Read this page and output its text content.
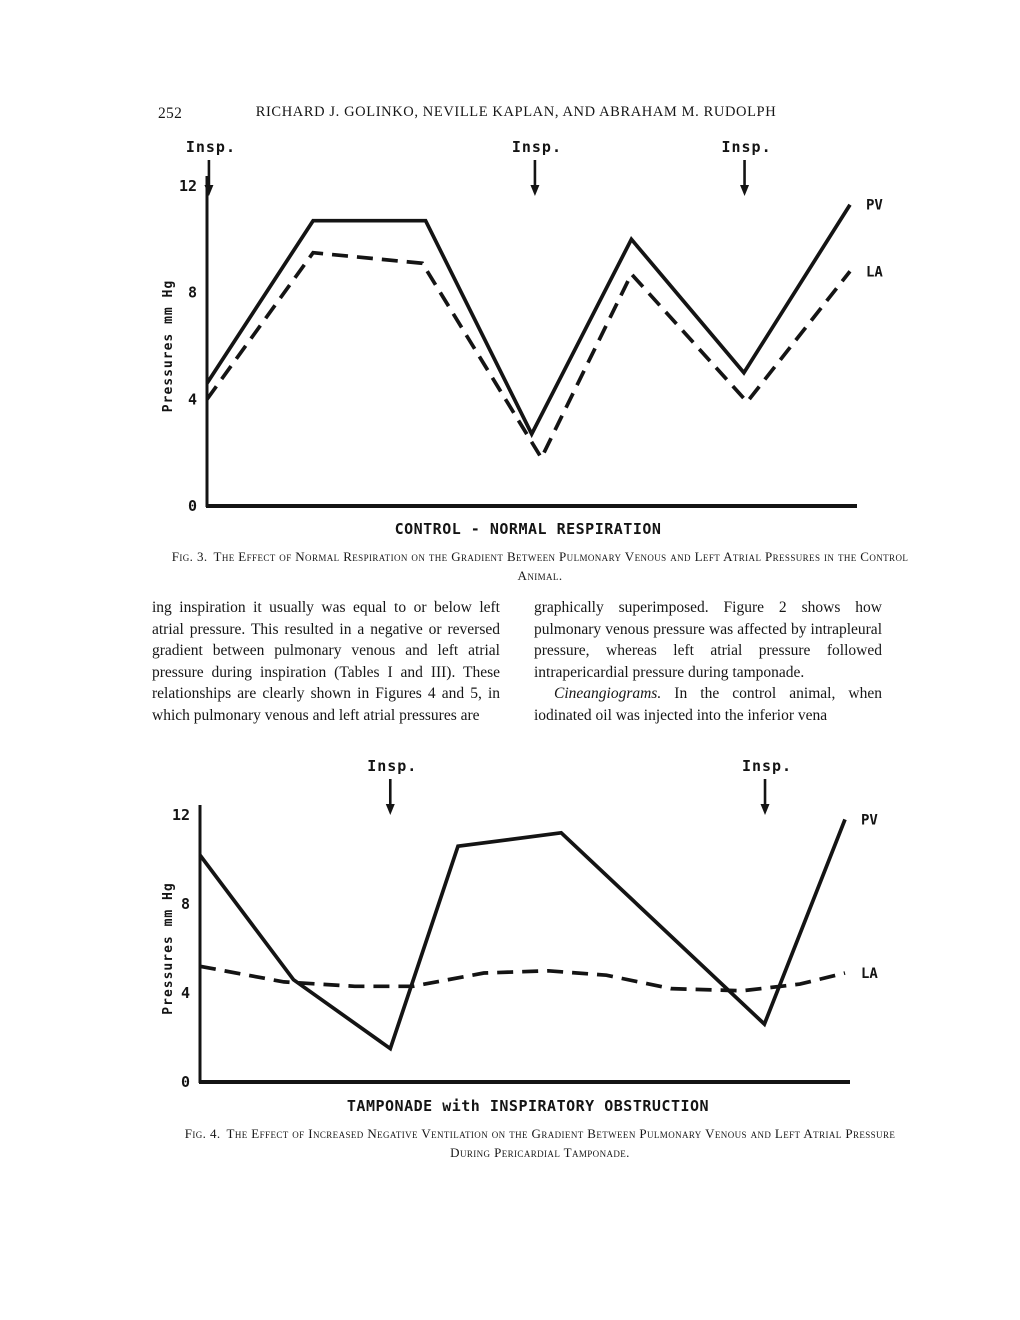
252	RICHARD J. GOLINKO, NEVILLE KAPLAN, AND ABRAHAM M. RUDOLPH
0
4
8
12
Pressures mm Hg
Insp.	Insp.	Insp.
PV
LA
CONTROL - NORMAL RESPIRATION
Fig. 3. The Effect of Normal Respiration on the Gradient Between Pulmonary Venous and Left Atrial Pressures in the Control Animal.

ing inspiration it usually was equal to or below left atrial pressure. This resulted in a negative or reversed gradient between pulmonary venous and left atrial pressure during inspiration (Tables I and III). These relationships are clearly shown in Figures 4 and 5, in which pulmonary venous and left atrial pressures are

graphically superimposed. Figure 2 shows how pulmonary venous pressure was affected by intrapleural pressure, whereas left atrial pressure followed intrapericardial pressure during tamponade.

Cineangiograms. In the control animal, when iodinated oil was injected into the inferior vena

0
4
8
12
Pressures mm Hg
Insp.	Insp.
PV
LA
TAMPONADE with INSPIRATORY OBSTRUCTION
Fig. 4. The Effect of Increased Negative Ventilation on the Gradient Between Pulmonary Venous and Left Atrial Pressure During Pericardial Tamponade.
